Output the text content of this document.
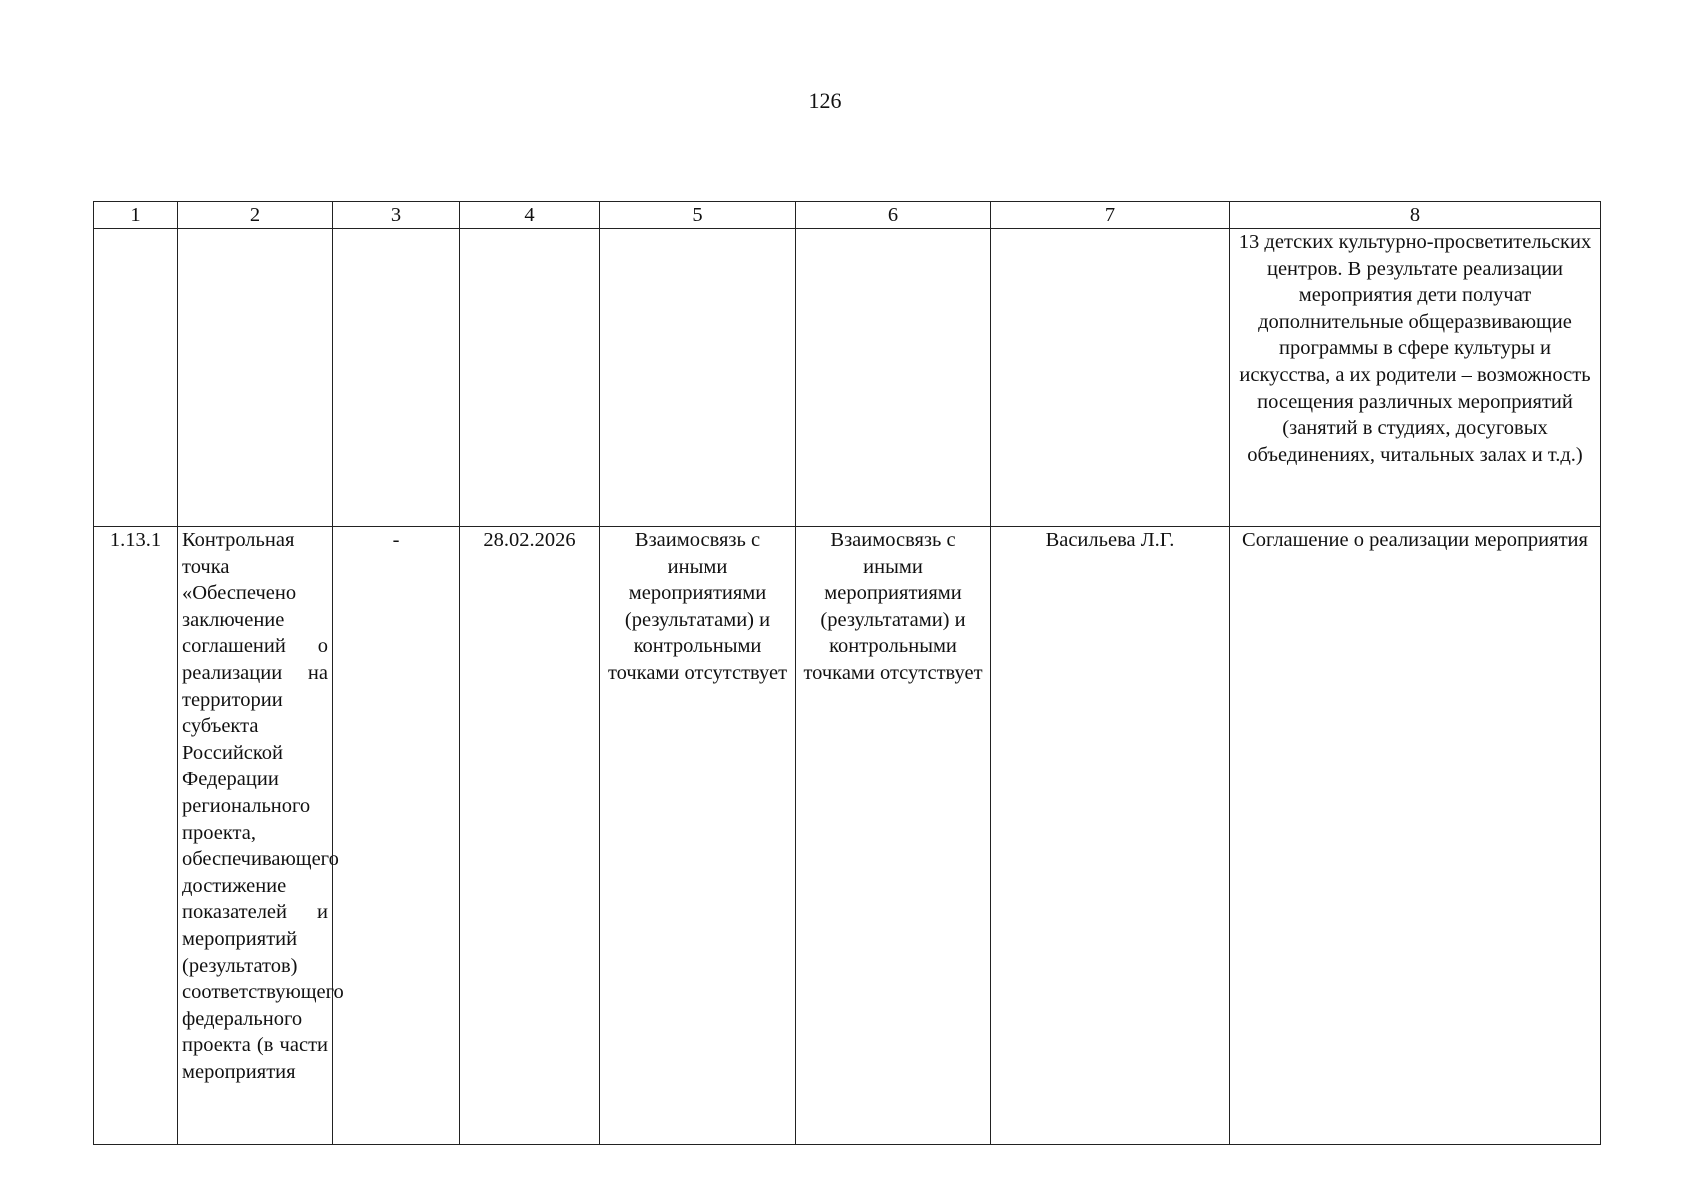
126
1	2	3	4	5	6	7	8
							13 детских культурно-просветительских центров. В результате реализации мероприятия дети получат дополнительные общеразвивающие программы в сфере культуры и искусства, а их родители – возможность посещения различных мероприятий (занятий в студиях, досуговых объединениях, читальных залах и т.д.)
1.13.1	Контрольная точка «Обеспечено заключение соглашений о реализации на территории субъекта Российской Федерации регионального проекта, обеспечивающего достижение показателей и мероприятий (результатов) соответствующего федерального проекта (в части мероприятия	-	28.02.2026	Взаимосвязь с иными мероприятиями (результатами) и контрольными точками отсутствует	Взаимосвязь с иными мероприятиями (результатами) и контрольными точками отсутствует	Васильева Л.Г.	Соглашение о реализации мероприятия
